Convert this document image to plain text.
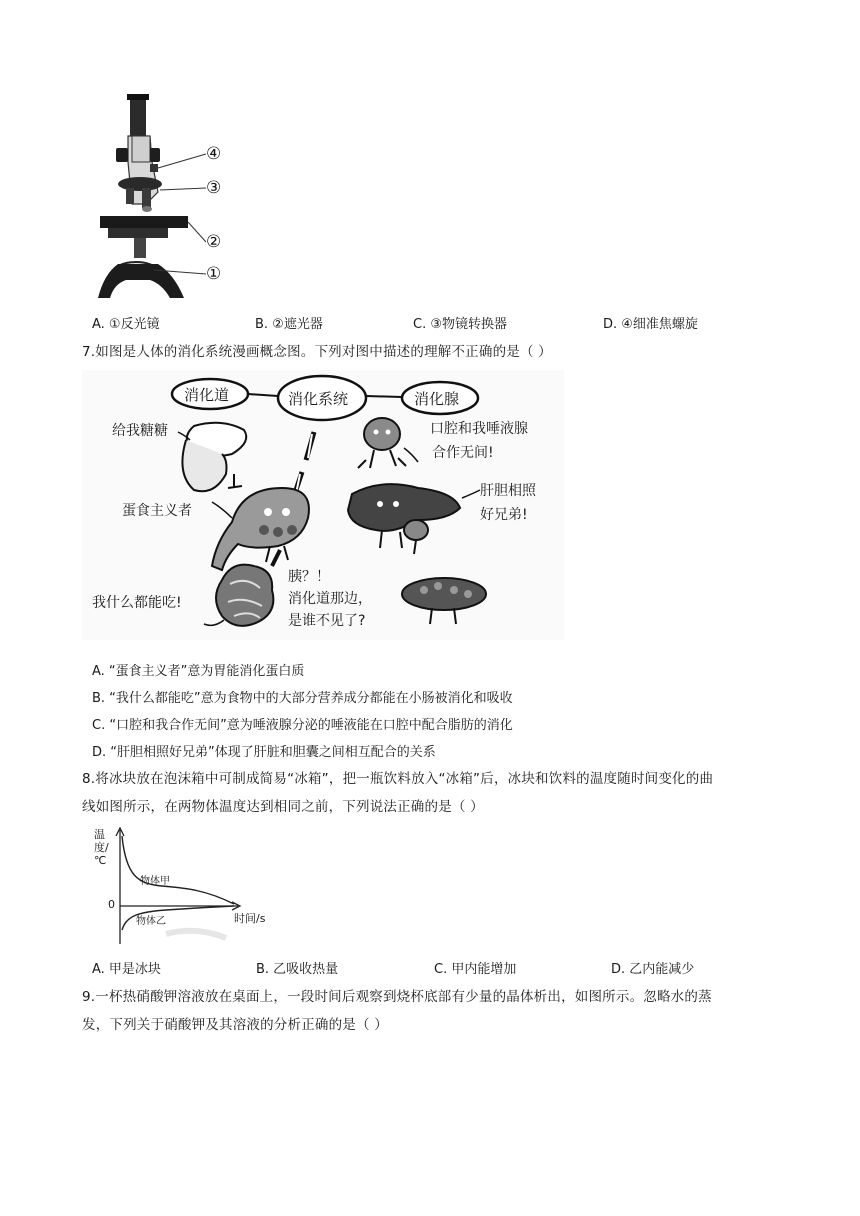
④
③
②
①
A. ①反光镜	B. ②遮光器	C. ③物镜转换器	D. ④细准焦螺旋
7.如图是人体的消化系统漫画概念图。下列对图中描述的理解不正确的是（ ）
消化道	消化系统	消化腺
给我糖糖
蛋食主义者
我什么都能吃!
胰？！
消化道那边，
是谁不见了?
口腔和我唾液腺
合作无间!
肝胆相照
好兄弟!
A. “蛋食主义者”意为胃能消化蛋白质
B. “我什么都能吃”意为食物中的大部分营养成分都能在小肠被消化和吸收
C. “口腔和我合作无间”意为唾液腺分泌的唾液能在口腔中配合脂肪的消化
D. “肝胆相照好兄弟”体现了肝脏和胆囊之间相互配合的关系
8.将冰块放在泡沫箱中可制成简易“冰箱”，把一瓶饮料放入“冰箱”后，冰块和饮料的温度随时间变化的曲
线如图所示，在两物体温度达到相同之前，下列说法正确的是（ ）
温度/℃
0
物体甲
物体乙	时间/s
A. 甲是冰块	B. 乙吸收热量	C. 甲内能增加	D. 乙内能减少
9.一杯热硝酸钾溶液放在桌面上，一段时间后观察到烧杯底部有少量的晶体析出，如图所示。忽略水的蒸
发，下列关于硝酸钾及其溶液的分析正确的是（ ）
